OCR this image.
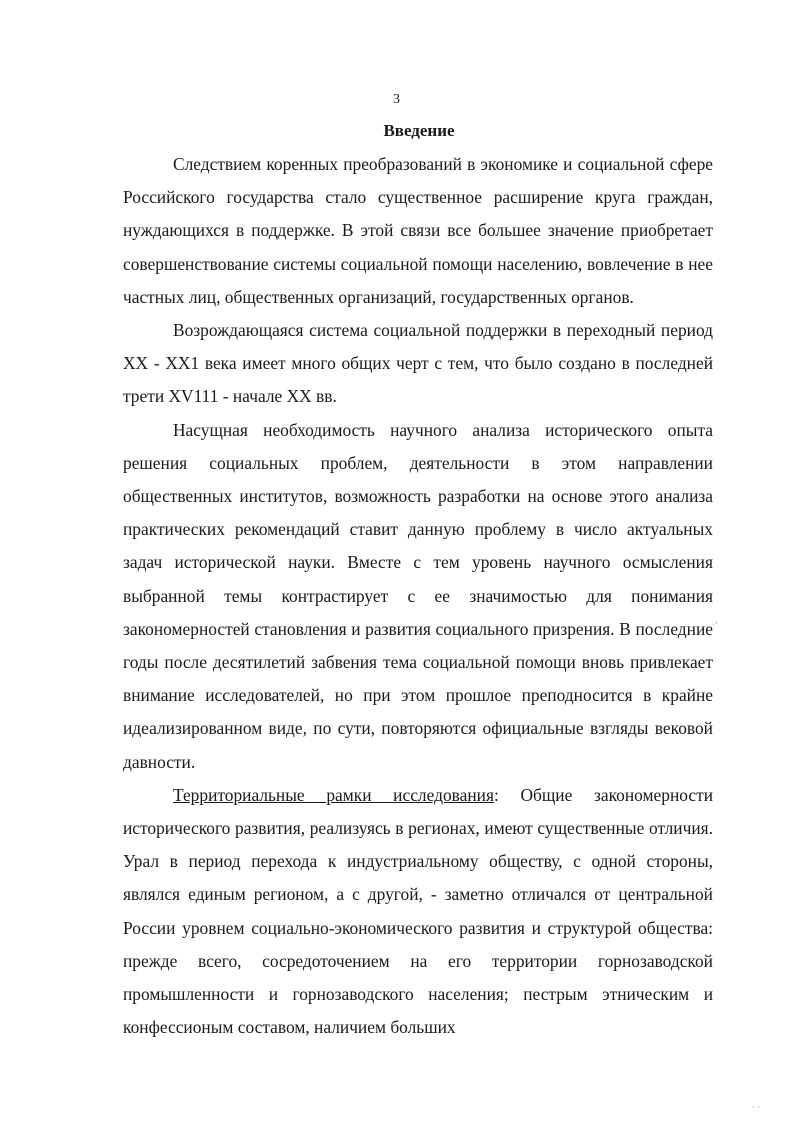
3
Введение

Следствием коренных преобразований в экономике и социальной сфере Российского государства стало существенное расширение круга граждан, нуждающихся в поддержке. В этой связи все большее значение приобретает совершенствование системы социальной помощи населению, вовлечение в нее частных лиц, общественных организаций, государственных органов.

Возрождающаяся система социальной поддержки в переходный период XX - XX1 века имеет много общих черт с тем, что было создано в последней трети XV111 - начале XX вв.

Насущная необходимость научного анализа исторического опыта решения социальных проблем, деятельности в этом направлении общественных институтов, возможность разработки на основе этого анализа практических рекомендаций ставит данную проблему в число актуальных задач исторической науки. Вместе с тем уровень научного осмысления выбранной темы контрастирует с ее значимостью для понимания закономерностей становления и развития социального призрения. В последние годы после десятилетий забвения тема социальной помощи вновь привлекает внимание исследователей, но при этом прошлое преподносится в крайне идеализированном виде, по сути, повторяются официальные взгляды вековой давности.

Территориальные рамки исследования: Общие закономерности исторического развития, реализуясь в регионах, имеют существенные отличия. Урал в период перехода к индустриальному обществу, с одной стороны, являлся единым регионом, а с другой, - заметно отличался от центральной России уровнем социально-экономического развития и структурой общества: прежде всего, сосредоточением на его территории горнозаводской промышленности и горнозаводского населения; пестрым этническим и конфессионым составом, наличием больших

·ʼ
· ·
